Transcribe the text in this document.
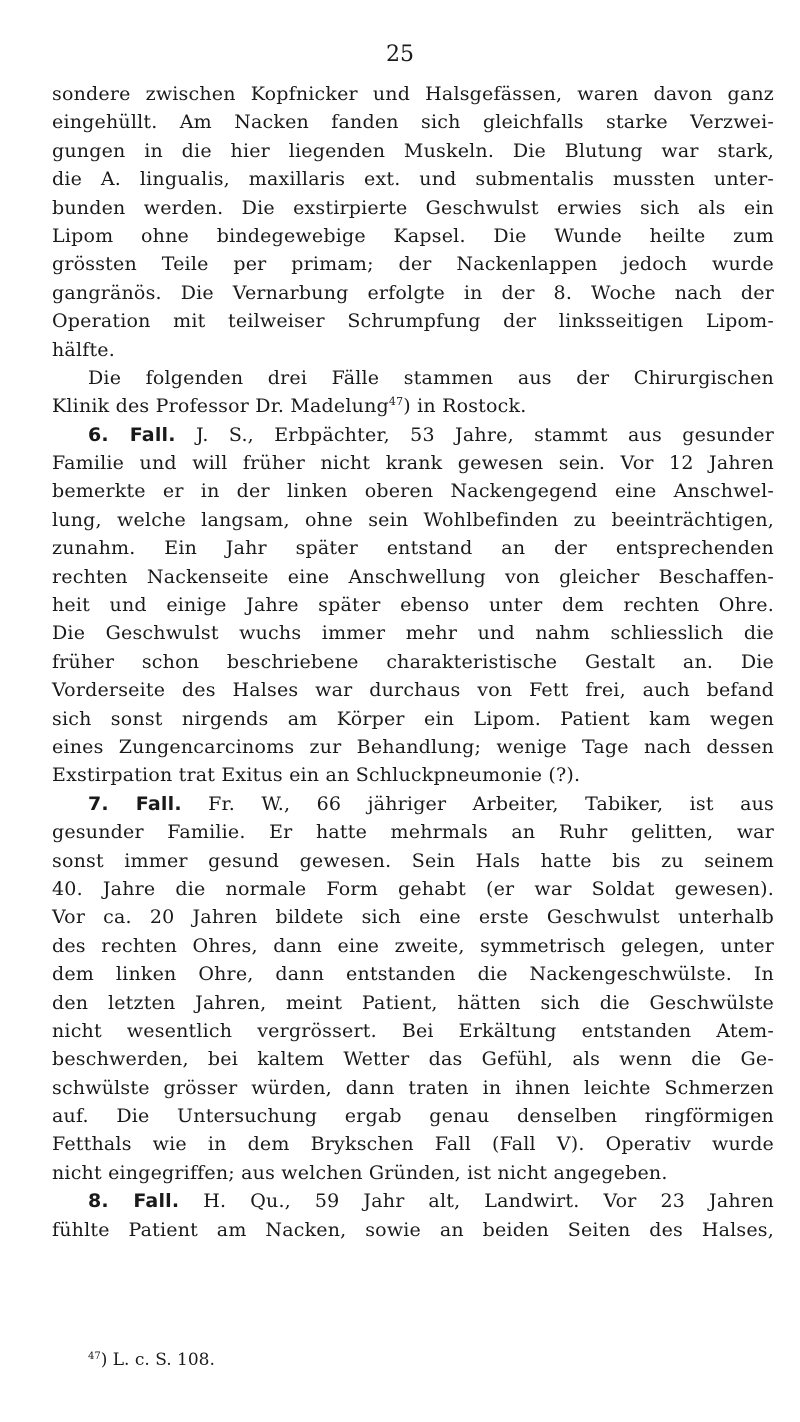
25
sondere zwischen Kopfnicker und Halsgefässen, waren davon ganz
eingehüllt. Am Nacken fanden sich gleichfalls starke Verzwei-
gungen in die hier liegenden Muskeln. Die Blutung war stark,
die A. lingualis, maxillaris ext. und submentalis mussten unter-
bunden werden. Die exstirpierte Geschwulst erwies sich als ein
Lipom ohne bindegewebige Kapsel. Die Wunde heilte zum
grössten Teile per primam; der Nackenlappen jedoch wurde
gangränös. Die Vernarbung erfolgte in der 8. Woche nach der
Operation mit teilweiser Schrumpfung der linksseitigen Lipom-
hälfte.
Die folgenden drei Fälle stammen aus der Chirurgischen
Klinik des Professor Dr. Madelung$^{47}$) in Rostock.
6. Fall. J. S., Erbpächter, 53 Jahre, stammt aus gesunder
Familie und will früher nicht krank gewesen sein. Vor 12 Jahren
bemerkte er in der linken oberen Nackengegend eine Anschwel-
lung, welche langsam, ohne sein Wohlbefinden zu beeinträchtigen,
zunahm. Ein Jahr später entstand an der entsprechenden
rechten Nackenseite eine Anschwellung von gleicher Beschaffen-
heit und einige Jahre später ebenso unter dem rechten Ohre.
Die Geschwulst wuchs immer mehr und nahm schliesslich die
früher schon beschriebene charakteristische Gestalt an. Die
Vorderseite des Halses war durchaus von Fett frei, auch befand
sich sonst nirgends am Körper ein Lipom. Patient kam wegen
eines Zungencarcinoms zur Behandlung; wenige Tage nach dessen
Exstirpation trat Exitus ein an Schluckpneumonie (?).
7. Fall. Fr. W., 66 jähriger Arbeiter, Tabiker, ist aus
gesunder Familie. Er hatte mehrmals an Ruhr gelitten, war
sonst immer gesund gewesen. Sein Hals hatte bis zu seinem
40. Jahre die normale Form gehabt (er war Soldat gewesen).
Vor ca. 20 Jahren bildete sich eine erste Geschwulst unterhalb
des rechten Ohres, dann eine zweite, symmetrisch gelegen, unter
dem linken Ohre, dann entstanden die Nackengeschwülste. In
den letzten Jahren, meint Patient, hätten sich die Geschwülste
nicht wesentlich vergrössert. Bei Erkältung entstanden Atem-
beschwerden, bei kaltem Wetter das Gefühl, als wenn die Ge-
schwülste grösser würden, dann traten in ihnen leichte Schmerzen
auf. Die Untersuchung ergab genau denselben ringförmigen
Fetthals wie in dem Brykschen Fall (Fall V). Operativ wurde
nicht eingegriffen; aus welchen Gründen, ist nicht angegeben.
8. Fall. H. Qu., 59 Jahr alt, Landwirt. Vor 23 Jahren
fühlte Patient am Nacken, sowie an beiden Seiten des Halses,
$^{47}$) L. c. S. 108.
